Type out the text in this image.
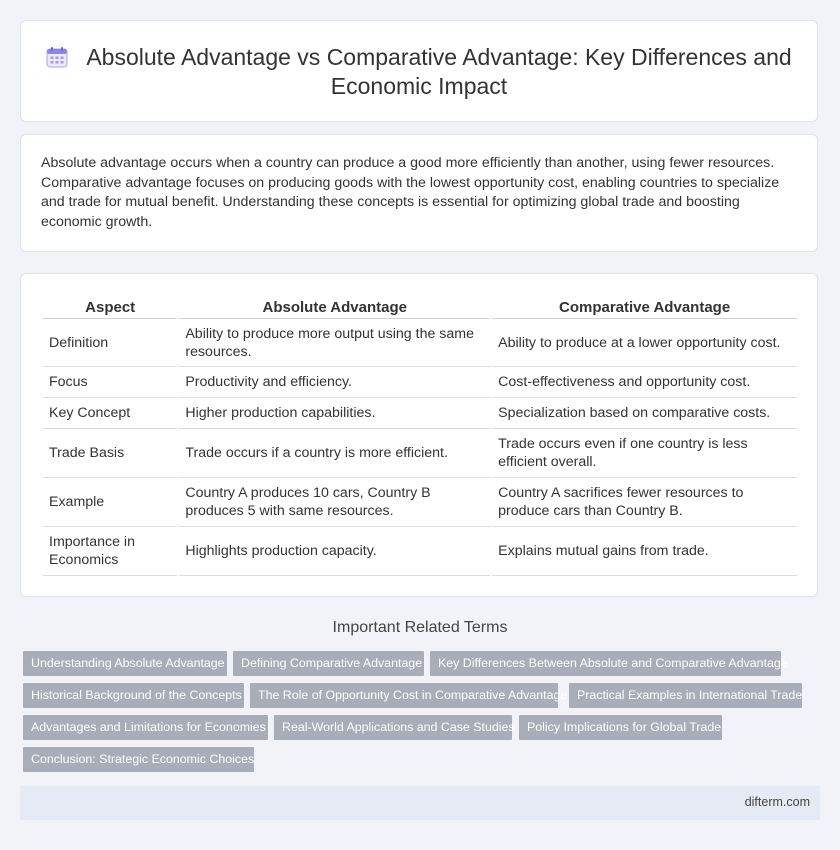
Absolute Advantage vs Comparative Advantage: Key Differences and Economic Impact

Absolute advantage occurs when a country can produce a good more efficiently than another, using fewer resources. Comparative advantage focuses on producing goods with the lowest opportunity cost, enabling countries to specialize and trade for mutual benefit. Understanding these concepts is essential for optimizing global trade and boosting economic growth.

Aspect	Absolute Advantage	Comparative Advantage
Definition	Ability to produce more output using the same resources.	Ability to produce at a lower opportunity cost.
Focus	Productivity and efficiency.	Cost-effectiveness and opportunity cost.
Key Concept	Higher production capabilities.	Specialization based on comparative costs.
Trade Basis	Trade occurs if a country is more efficient.	Trade occurs even if one country is less efficient overall.
Example	Country A produces 10 cars, Country B produces 5 with same resources.	Country A sacrifices fewer resources to produce cars than Country B.
Importance in Economics	Highlights production capacity.	Explains mutual gains from trade.
Important Related Terms
Understanding Absolute Advantage	Defining Comparative Advantage	Key Differences Between Absolute and Comparative Advantage
Historical Background of the Concepts	The Role of Opportunity Cost in Comparative Advantage Practical Examples in International Trade
Advantages and Limitations for Economies	Real-World Applications and Case Studies	Policy Implications for Global Trade
Conclusion: Strategic Economic Choices
difterm.com
